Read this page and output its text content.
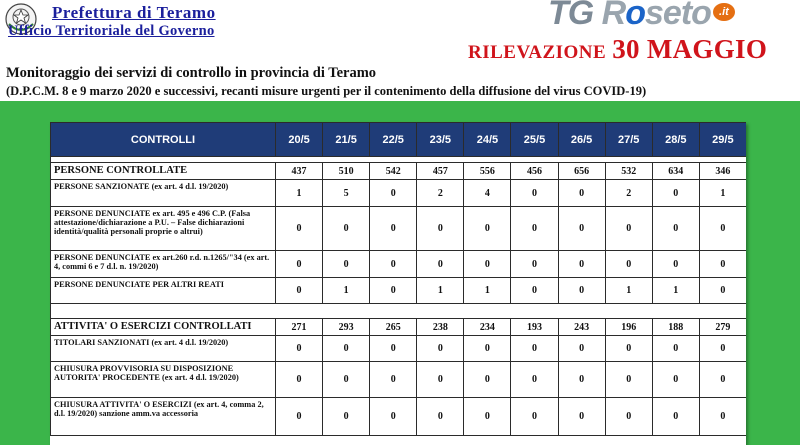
Prefettura di Teramo
Ufficio Territoriale del Governo	TG Roseto .it
RILEVAZIONE 30 MAGGIO
Monitoraggio dei servizi di controllo in provincia di Teramo
(D.P.C.M. 8 e 9 marzo 2020 e successivi, recanti misure urgenti per il contenimento della diffusione del virus COVID-19)
CONTROLLI	20/5	21/5	22/5	23/5	24/5	25/5	26/5	27/5	28/5	29/5

PERSONE CONTROLLATE	437	510	542	457	556	456	656	532	634	346
PERSONE SANZIONATE (ex art. 4 d.l. 19/2020)	1	5	0	2	4	0	0	2	0	1
PERSONE DENUNCIATE ex art. 495 e 496 C.P. (Falsa attestazione/dichiarazione a P.U. – False dichiarazioni identità/qualità personali proprie o altrui)	0	0	0	0	0	0	0	0	0	0
PERSONE DENUNCIATE ex art.260 r.d. n.1265/"34 (ex art. 4, commi 6 e 7 d.l. n. 19/2020)	0	0	0	0	0	0	0	0	0	0
PERSONE DENUNCIATE PER ALTRI REATI	0	1	0	1	1	0	0	1	1	0

ATTIVITA' O ESERCIZI CONTROLLATI	271	293	265	238	234	193	243	196	188	279
TITOLARI SANZIONATI (ex art. 4 d.l. 19/2020)	0	0	0	0	0	0	0	0	0	0
CHIUSURA PROVVISORIA SU DISPOSIZIONE AUTORITA' PROCEDENTE (ex art. 4 d.l. 19/2020)	0	0	0	0	0	0	0	0	0	0
CHIUSURA ATTIVITA' O ESERCIZI (ex art. 4, comma 2, d.l. 19/2020) sanzione amm.va accessoria	0	0	0	0	0	0	0	0	0	0
